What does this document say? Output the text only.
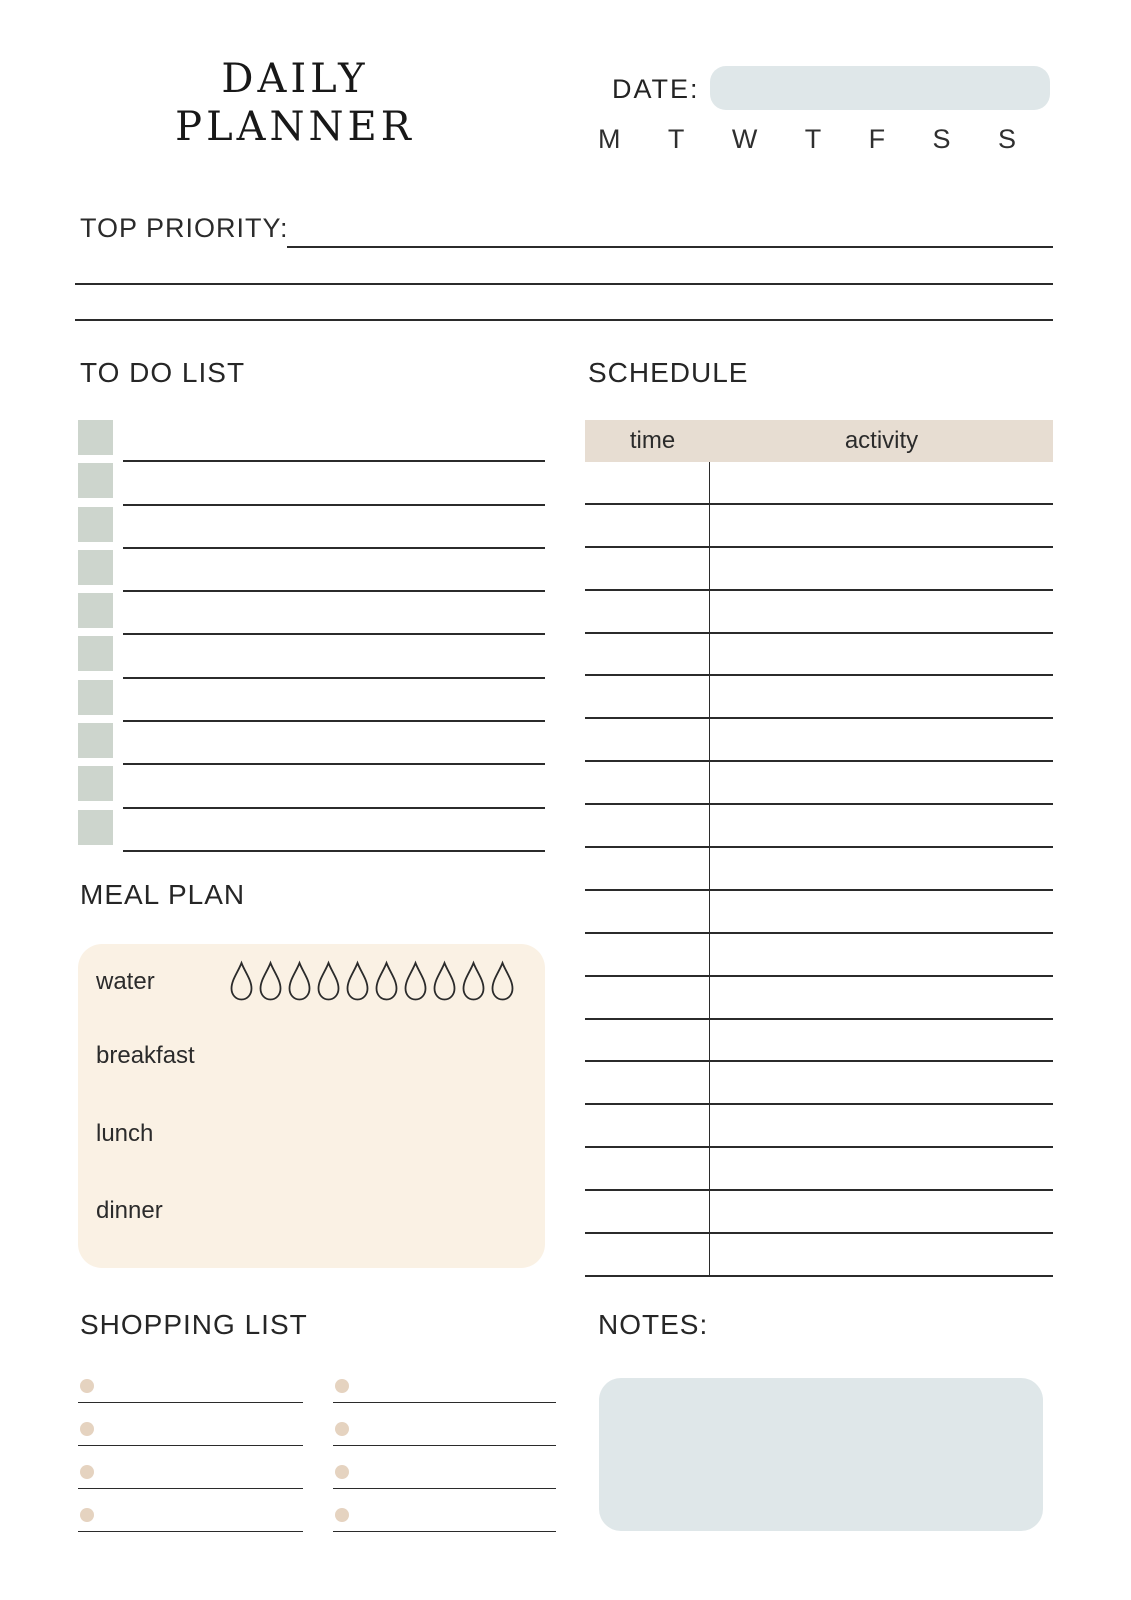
DAILY
PLANNER
DATE:
M T W T F S S
TOP PRIORITY:
TO DO LIST	SCHEDULE
time	activity
MEAL PLAN
water
breakfast
lunch
dinner
SHOPPING LIST	NOTES:
